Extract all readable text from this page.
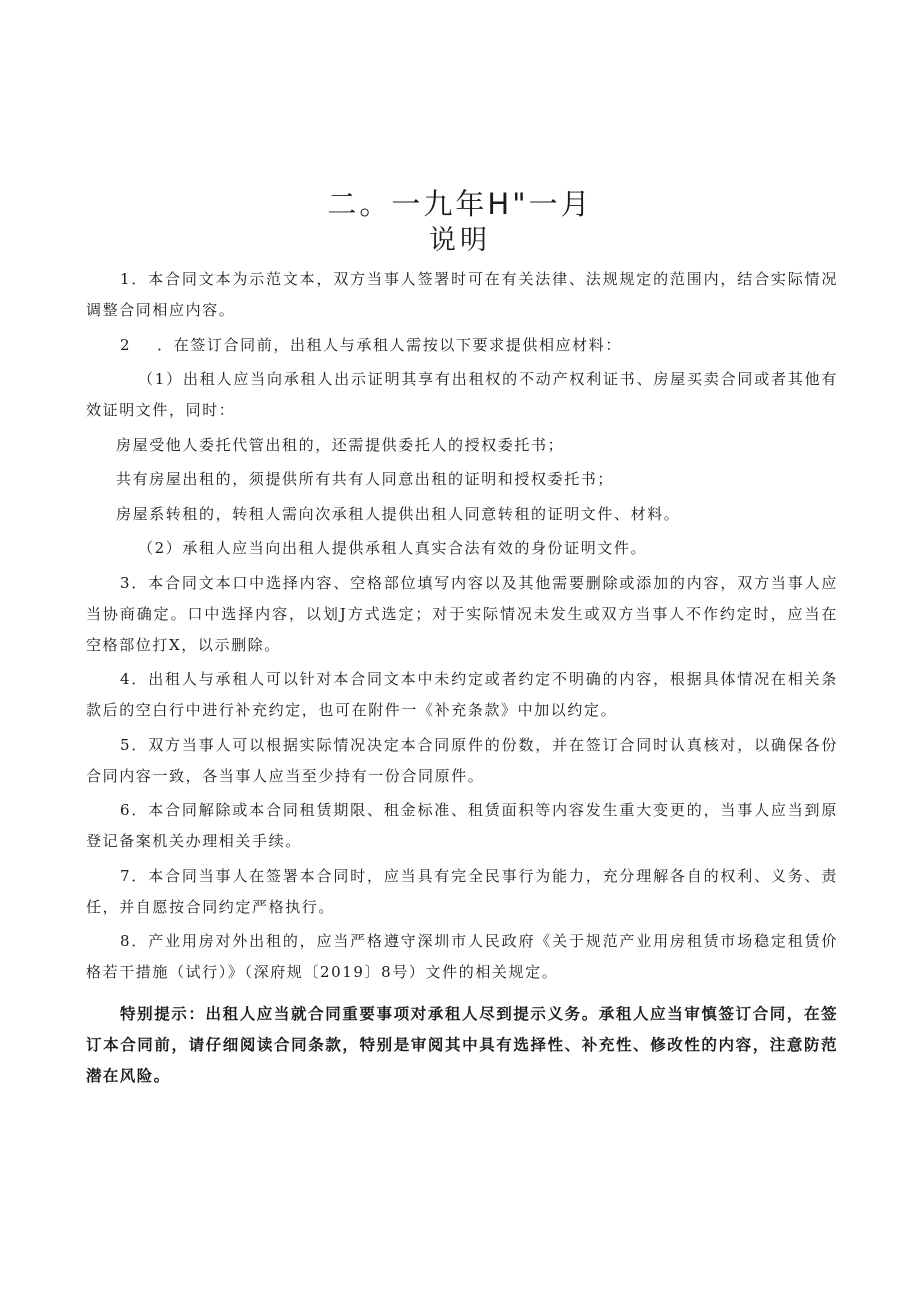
二。一九年H"一月
说明

1．本合同文本为示范文本，双方当事人签署时可在有关法律、法规规定的范围内，结合实际情况调整合同相应内容。

2 ．在签订合同前，出租人与承租人需按以下要求提供相应材料：

（1）出租人应当向承租人出示证明其享有出租权的不动产权利证书、房屋买卖合同或者其他有效证明文件，同时：

房屋受他人委托代管出租的，还需提供委托人的授权委托书；

共有房屋出租的，须提供所有共有人同意出租的证明和授权委托书；

房屋系转租的，转租人需向次承租人提供出租人同意转租的证明文件、材料。

（2）承租人应当向出租人提供承租人真实合法有效的身份证明文件。

3．本合同文本口中选择内容、空格部位填写内容以及其他需要删除或添加的内容，双方当事人应当协商确定。口中选择内容，以划J方式选定；对于实际情况未发生或双方当事人不作约定时，应当在空格部位打X，以示删除。

4．出租人与承租人可以针对本合同文本中未约定或者约定不明确的内容，根据具体情况在相关条款后的空白行中进行补充约定，也可在附件一《补充条款》中加以约定。

5．双方当事人可以根据实际情况决定本合同原件的份数，并在签订合同时认真核对，以确保各份合同内容一致，各当事人应当至少持有一份合同原件。

6．本合同解除或本合同租赁期限、租金标准、租赁面积等内容发生重大变更的，当事人应当到原登记备案机关办理相关手续。

7．本合同当事人在签署本合同时，应当具有完全民事行为能力，充分理解各自的权利、义务、责任，并自愿按合同约定严格执行。

8．产业用房对外出租的，应当严格遵守深圳市人民政府《关于规范产业用房租赁市场稳定租赁价格若干措施（试行）》（深府规〔2019〕8号）文件的相关规定。

特别提示：出租人应当就合同重要事项对承租人尽到提示义务。承租人应当审慎签订合同，在签订本合同前，请仔细阅读合同条款，特别是审阅其中具有选择性、补充性、修改性的内容，注意防范潜在风险。
